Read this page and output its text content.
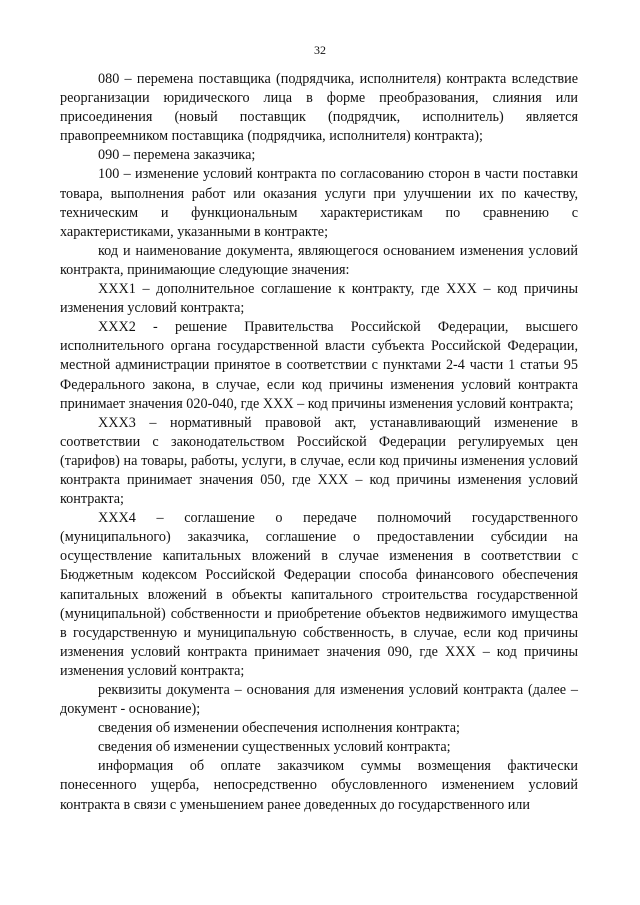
32

080 – перемена поставщика (подрядчика, исполнителя) контракта вследствие реорганизации юридического лица в форме преобразования, слияния или присоединения (новый поставщик (подрядчик, исполнитель) является правопреемником поставщика (подрядчика, исполнителя) контракта);

090 – перемена заказчика;

100 – изменение условий контракта по согласованию сторон в части поставки товара, выполнения работ или оказания услуги при улучшении их по качеству, техническим и функциональным характеристикам по сравнению с характеристиками, указанными в контракте;

код и наименование документа, являющегося основанием изменения условий контракта, принимающие следующие значения:

XXX1 – дополнительное соглашение к контракту, где XXX – код причины изменения условий контракта;

XXX2 - решение Правительства Российской Федерации, высшего исполнительного органа государственной власти субъекта Российской Федерации, местной администрации принятое в соответствии с пунктами 2-4 части 1 статьи 95 Федерального закона, в случае, если код причины изменения условий контракта принимает значения 020-040, где XXX – код причины изменения условий контракта;

XXX3 – нормативный правовой акт, устанавливающий изменение в соответствии с законодательством Российской Федерации регулируемых цен (тарифов) на товары, работы, услуги, в случае, если код причины изменения условий контракта принимает значения 050, где XXX – код причины изменения условий контракта;

XXX4 – соглашение о передаче полномочий государственного (муниципального) заказчика, соглашение о предоставлении субсидии на осуществление капитальных вложений в случае изменения в соответствии с Бюджетным кодексом Российской Федерации способа финансового обеспечения капитальных вложений в объекты капитального строительства государственной (муниципальной) собственности и приобретение объектов недвижимого имущества в государственную и муниципальную собственность, в случае, если код причины изменения условий контракта принимает значения 090, где XXX – код причины изменения условий контракта;

реквизиты документа – основания для изменения условий контракта (далее – документ - основание);

сведения об изменении обеспечения исполнения контракта;

сведения об изменении существенных условий контракта;

информация об оплате заказчиком суммы возмещения фактически понесенного ущерба, непосредственно обусловленного изменением условий контракта в связи с уменьшением ранее доведенных до государственного или
